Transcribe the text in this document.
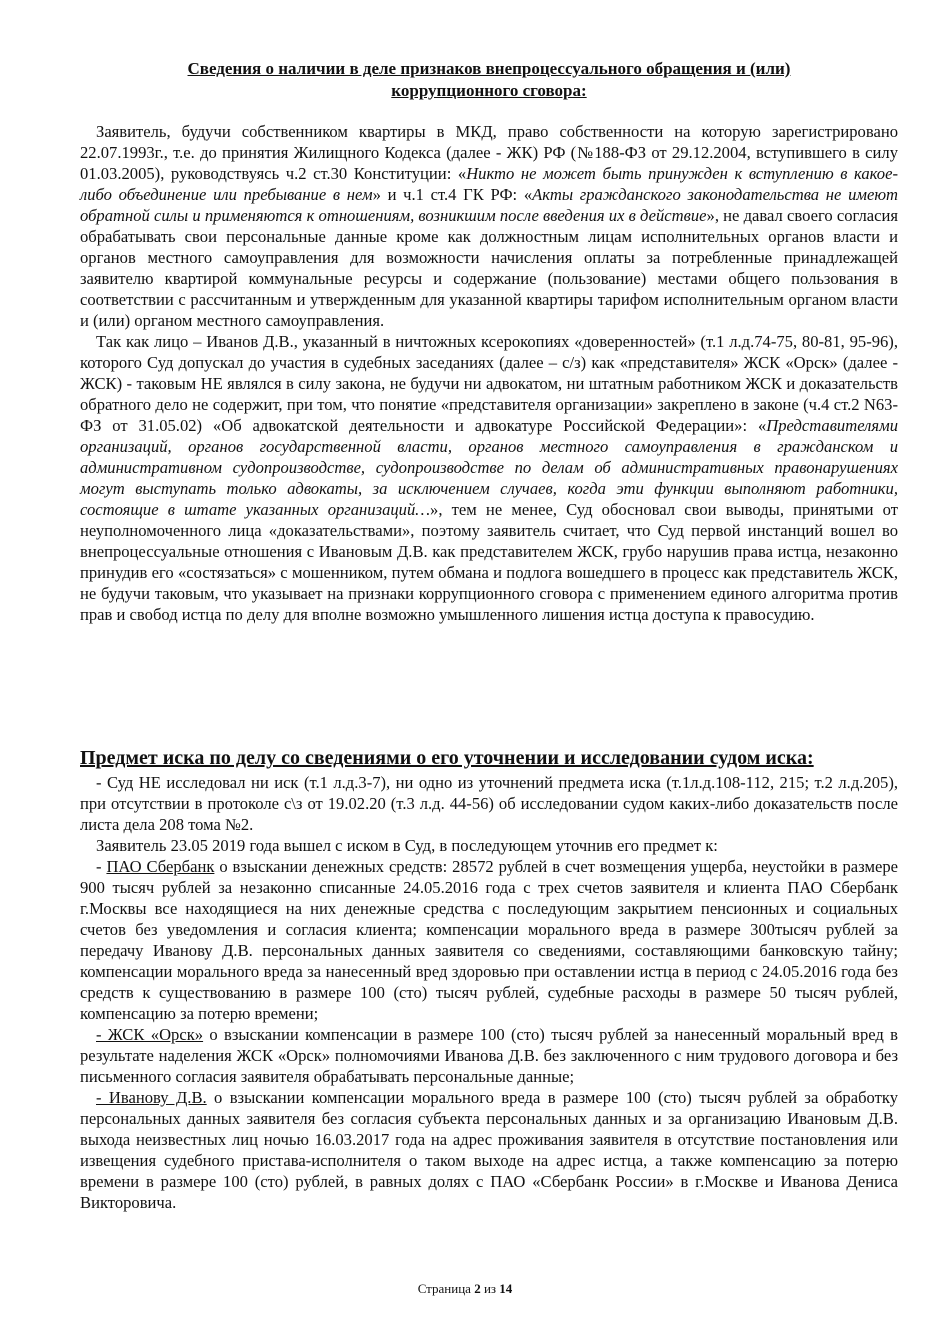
Сведения о наличии в деле признаков внепроцессуального обращения и (или)
коррупционного сговора:

Заявитель, будучи собственником квартиры в МКД, право собственности на которую зарегистрировано 22.07.1993г., т.е. до принятия Жилищного Кодекса (далее - ЖК) РФ (№188-ФЗ от 29.12.2004, вступившего в силу 01.03.2005), руководствуясь ч.2 ст.30 Конституции: «Никто не может быть принужден к вступлению в какое-либо объединение или пребывание в нем» и ч.1 ст.4 ГК РФ: «Акты гражданского законодательства не имеют обратной силы и применяются к отношениям, возникшим после введения их в действие», не давал своего согласия обрабатывать свои персональные данные кроме как должностным лицам исполнительных органов власти и органов местного самоуправления для возможности начисления оплаты за потребленные принадлежащей заявителю квартирой коммунальные ресурсы и содержание (пользование) местами общего пользования в соответствии с рассчитанным и утвержденным для указанной квартиры тарифом исполнительным органом власти и (или) органом местного самоуправления.

Так как лицо – Иванов Д.В., указанный в ничтожных ксерокопиях «доверенностей» (т.1 л.д.74-75, 80-81, 95-96), которого Суд допускал до участия в судебных заседаниях (далее – с/з) как «представителя» ЖСК «Орск» (далее - ЖСК) - таковым НЕ являлся в силу закона, не будучи ни адвокатом, ни штатным работником ЖСК и доказательств обратного дело не содержит, при том, что понятие «представителя организации» закреплено в законе (ч.4 ст.2 N63-ФЗ от 31.05.02) «Об адвокатской деятельности и адвокатуре Российской Федерации»: «Представителями организаций, органов государственной власти, органов местного самоуправления в гражданском и административном судопроизводстве, судопроизводстве по делам об административных правонарушениях могут выступать только адвокаты, за исключением случаев, когда эти функции выполняют работники, состоящие в штате указанных организаций…», тем не менее, Суд обосновал свои выводы, принятыми от неуполномоченного лица «доказательствами», поэтому заявитель считает, что Суд первой инстанций вошел во внепроцессуальные отношения с Ивановым Д.В. как представителем ЖСК, грубо нарушив права истца, незаконно принудив его «состязаться» с мошенником, путем обмана и подлога вошедшего в процесс как представитель ЖСК, не будучи таковым, что указывает на признаки коррупционного сговора с применением единого алгоритма против прав и свобод истца по делу для вполне возможно умышленного лишения истца доступа к правосудию.

Предмет иска по делу со сведениями о его уточнении и исследовании судом иска:

- Суд НЕ исследовал ни иск (т.1 л.д.3-7), ни одно из уточнений предмета иска (т.1л.д.108-112, 215; т.2 л.д.205), при отсутствии в протоколе с\з от 19.02.20 (т.3 л.д. 44-56) об исследовании судом каких-либо доказательств после листа дела 208 тома №2.

Заявитель 23.05 2019 года вышел с иском в Суд, в последующем уточнив его предмет к:

- ПАО Сбербанк о взыскании денежных средств: 28572 рублей в счет возмещения ущерба, неустойки в размере 900 тысяч рублей за незаконно списанные 24.05.2016 года с трех счетов заявителя и клиента ПАО Сбербанк г.Москвы все находящиеся на них денежные средства с последующим закрытием пенсионных и социальных счетов без уведомления и согласия клиента; компенсации морального вреда в размере 300тысяч рублей за передачу Иванову Д.В. персональных данных заявителя со сведениями, составляющими банковскую тайну; компенсации морального вреда за нанесенный вред здоровью при оставлении истца в период с 24.05.2016 года без средств к существованию в размере 100 (сто) тысяч рублей, судебные расходы в размере 50 тысяч рублей, компенсацию за потерю времени;

- ЖСК «Орск» о взыскании компенсации в размере 100 (сто) тысяч рублей за нанесенный моральный вред в результате наделения ЖСК «Орск» полномочиями Иванова Д.В. без заключенного с ним трудового договора и без письменного согласия заявителя обрабатывать персональные данные;

- Иванову Д.В. о взыскании компенсации морального вреда в размере 100 (сто) тысяч рублей за обработку персональных данных заявителя без согласия субъекта персональных данных и за организацию Ивановым Д.В. выхода неизвестных лиц ночью 16.03.2017 года на адрес проживания заявителя в отсутствие постановления или извещения судебного пристава-исполнителя о таком выходе на адрес истца, а также компенсацию за потерю времени в размере 100 (сто) рублей, в равных долях с ПАО «Сбербанк России» в г.Москве и Иванова Дениса Викторовича.

Страница 2 из 14
